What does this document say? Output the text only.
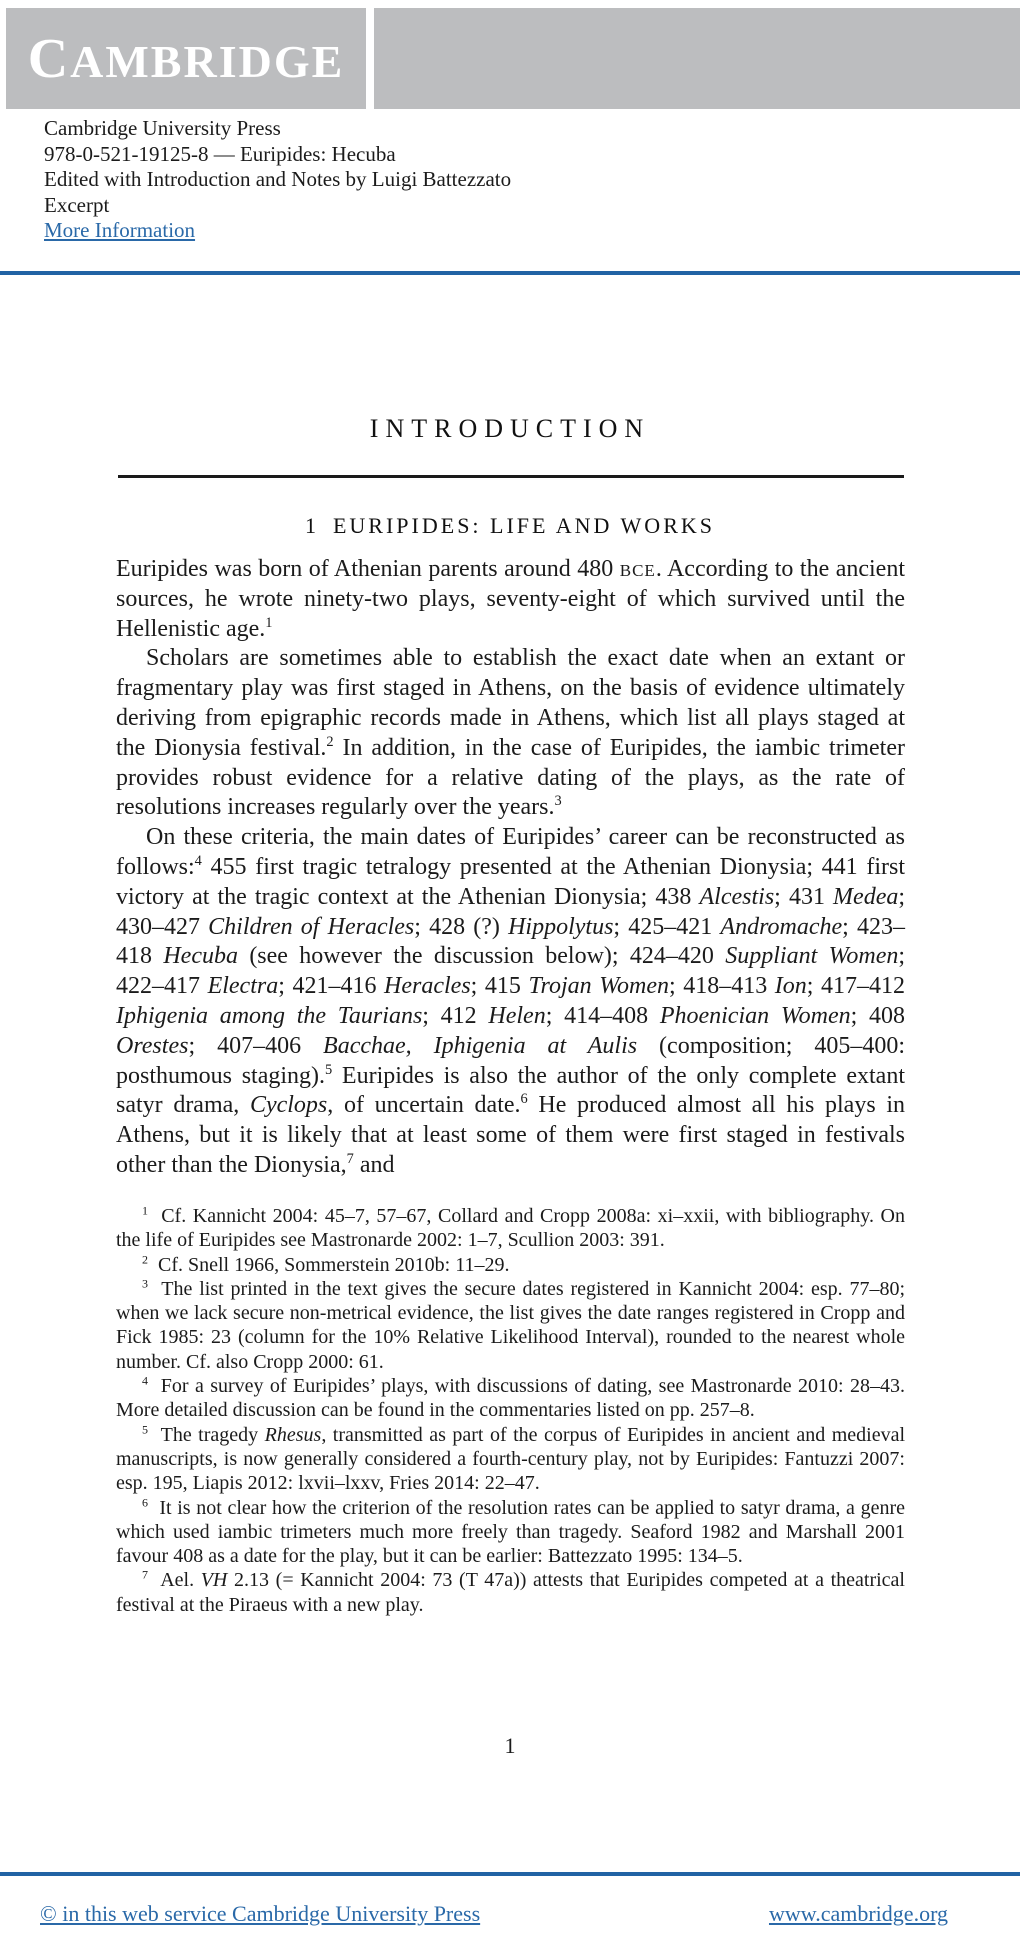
CAMBRIDGE
Cambridge University Press
978-0-521-19125-8 — Euripides: Hecuba
Edited with Introduction and Notes by Luigi Battezzato
Excerpt
More Information
INTRODUCTION
1 EURIPIDES: LIFE AND WORKS

Euripides was born of Athenian parents around 480 bce. According to the ancient sources, he wrote ninety-two plays, seventy-eight of which survived until the Hellenistic age.$^1$

Scholars are sometimes able to establish the exact date when an extant or fragmentary play was first staged in Athens, on the basis of evidence ultimately deriving from epigraphic records made in Athens, which list all plays staged at the Dionysia festival.$^2$ In addition, in the case of Euripides, the iambic trimeter provides robust evidence for a relative dating of the plays, as the rate of resolutions increases regularly over the years.$^3$

On these criteria, the main dates of Euripides’ career can be reconstructed as follows:$^4$ 455 first tragic tetralogy presented at the Athenian Dionysia; 441 first victory at the tragic context at the Athenian Dionysia; 438 Alcestis; 431 Medea; 430–427 Children of Heracles; 428 (?) Hippolytus; 425–421 Andromache; 423–418 Hecuba (see however the discussion below); 424–420 Suppliant Women; 422–417 Electra; 421–416 Heracles; 415 Trojan Women; 418–413 Ion; 417–412 Iphigenia among the Taurians; 412 Helen; 414–408 Phoenician Women; 408 Orestes; 407–406 Bacchae, Iphigenia at Aulis (composition; 405–400: posthumous staging).$^5$ Euripides is also the author of the only complete extant satyr drama, Cyclops, of uncertain date.$^6$ He produced almost all his plays in Athens, but it is likely that at least some of them were first staged in festivals other than the Dionysia,$^7$ and

$^1$ Cf. Kannicht 2004: 45–7, 57–67, Collard and Cropp 2008a: xi–xxii, with bibliography. On the life of Euripides see Mastronarde 2002: 1–7, Scullion 2003: 391.

$^2$ Cf. Snell 1966, Sommerstein 2010b: 11–29.

$^3$ The list printed in the text gives the secure dates registered in Kannicht 2004: esp. 77–80; when we lack secure non-metrical evidence, the list gives the date ranges registered in Cropp and Fick 1985: 23 (column for the 10% Relative Likelihood Interval), rounded to the nearest whole number. Cf. also Cropp 2000: 61.

$^4$ For a survey of Euripides’ plays, with discussions of dating, see Mastronarde 2010: 28–43. More detailed discussion can be found in the commentaries listed on pp. 257–8.

$^5$ The tragedy Rhesus, transmitted as part of the corpus of Euripides in ancient and medieval manuscripts, is now generally considered a fourth-century play, not by Euripides: Fantuzzi 2007: esp. 195, Liapis 2012: lxvii–lxxv, Fries 2014: 22–47.

$^6$ It is not clear how the criterion of the resolution rates can be applied to satyr drama, a genre which used iambic trimeters much more freely than tragedy. Seaford 1982 and Marshall 2001 favour 408 as a date for the play, but it can be earlier: Battezzato 1995: 134–5.

$^7$ Ael. VH 2.13 (= Kannicht 2004: 73 (T 47a)) attests that Euripides competed at a theatrical festival at the Piraeus with a new play.

1
© in this web service Cambridge University Press	www.cambridge.org
